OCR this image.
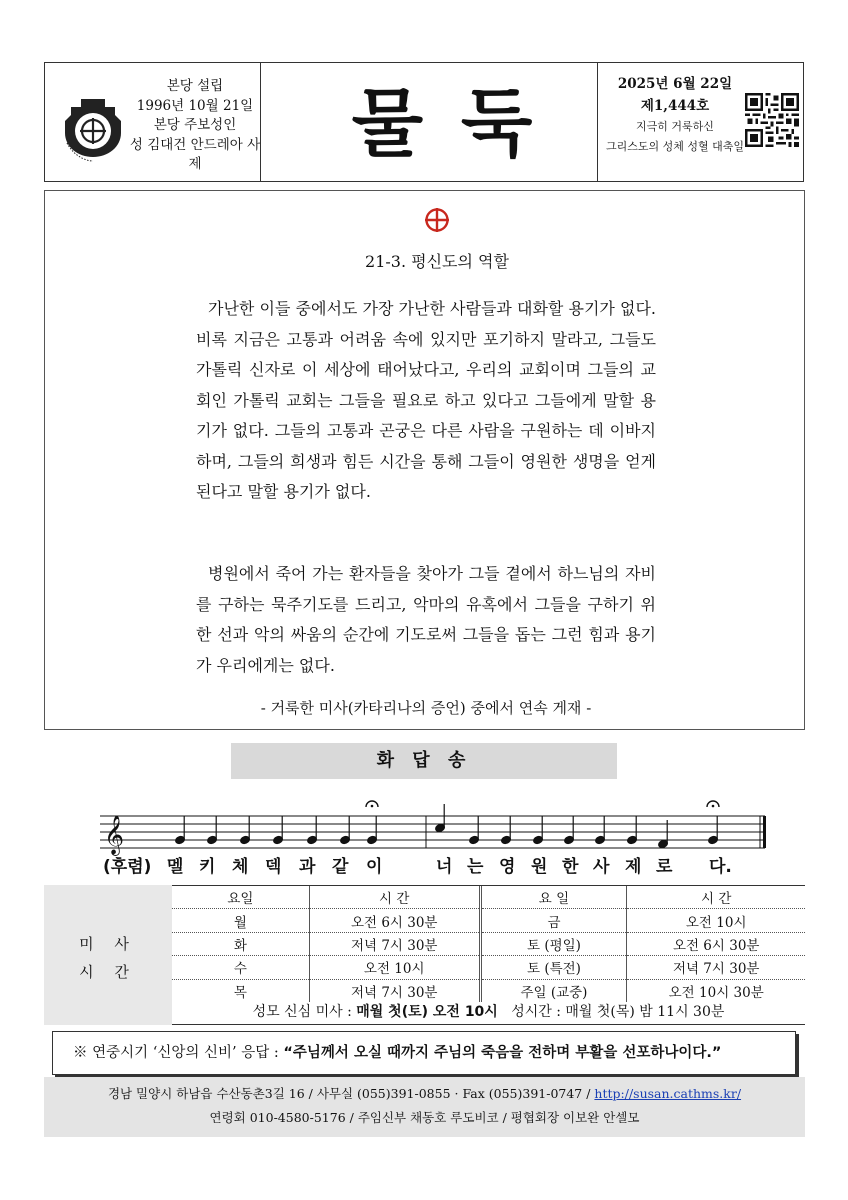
본당 설립
1996년 10월 21일
본당 주보성인
성 김대건 안드레아 사제	물 둑	2025년 6월 22일
제1,444호
지극히 거룩하신
그리스도의 성체 성혈 대축일
21-3. 평신도의 역할

가난한 이들 중에서도 가장 가난한 사람들과 대화할 용기가 없다. 비록 지금은 고통과 어려움 속에 있지만 포기하지 말라고, 그들도 가톨릭 신자로 이 세상에 태어났다고, 우리의 교회이며 그들의 교회인 가톨릭 교회는 그들을 필요로 하고 있다고 그들에게 말할 용기가 없다. 그들의 고통과 곤궁은 다른 사람을 구원하는 데 이바지하며, 그들의 희생과 힘든 시간을 통해 그들이 영원한 생명을 얻게 된다고 말할 용기가 없다.

병원에서 죽어 가는 환자들을 찾아가 그들 곁에서 하느님의 자비를 구하는 묵주기도를 드리고, 악마의 유혹에서 그들을 구하기 위한 선과 악의 싸움의 순간에 기도로써 그들을 돕는 그런 힘과 용기가 우리에게는 없다.

- 거룩한 미사(카타리나의 증언) 중에서 연속 게재 -
화 답 송
𝄞
(후렴) 멜 키 체 덱 과 같 이	너 는 영 원 한 사 제 로 다.
미 사
시 간
요일	시 간	요 일	시 간
월	오전 6시 30분	금	오전 10시
화	저녁 7시 30분	토 (평일)	오전 6시 30분
수	오전 10시	토 (특전)	저녁 7시 30분
목	저녁 7시 30분	주일 (교중)	오전 10시 30분
성모 신심 미사 : 매월 첫(토) 오전 10시 성시간 : 매월 첫(목) 밤 11시 30분
※ 연중시기 ‘신앙의 신비’ 응답 : “주님께서 오실 때까지 주님의 죽음을 전하며 부활을 선포하나이다.”
경남 밀양시 하남읍 수산동촌3길 16 / 사무실 (055)391-0855 · Fax (055)391-0747 / http://susan.cathms.kr/
연령회 010-4580-5176 / 주임신부 채동호 루도비코 / 평협회장 이보완 안셀모
